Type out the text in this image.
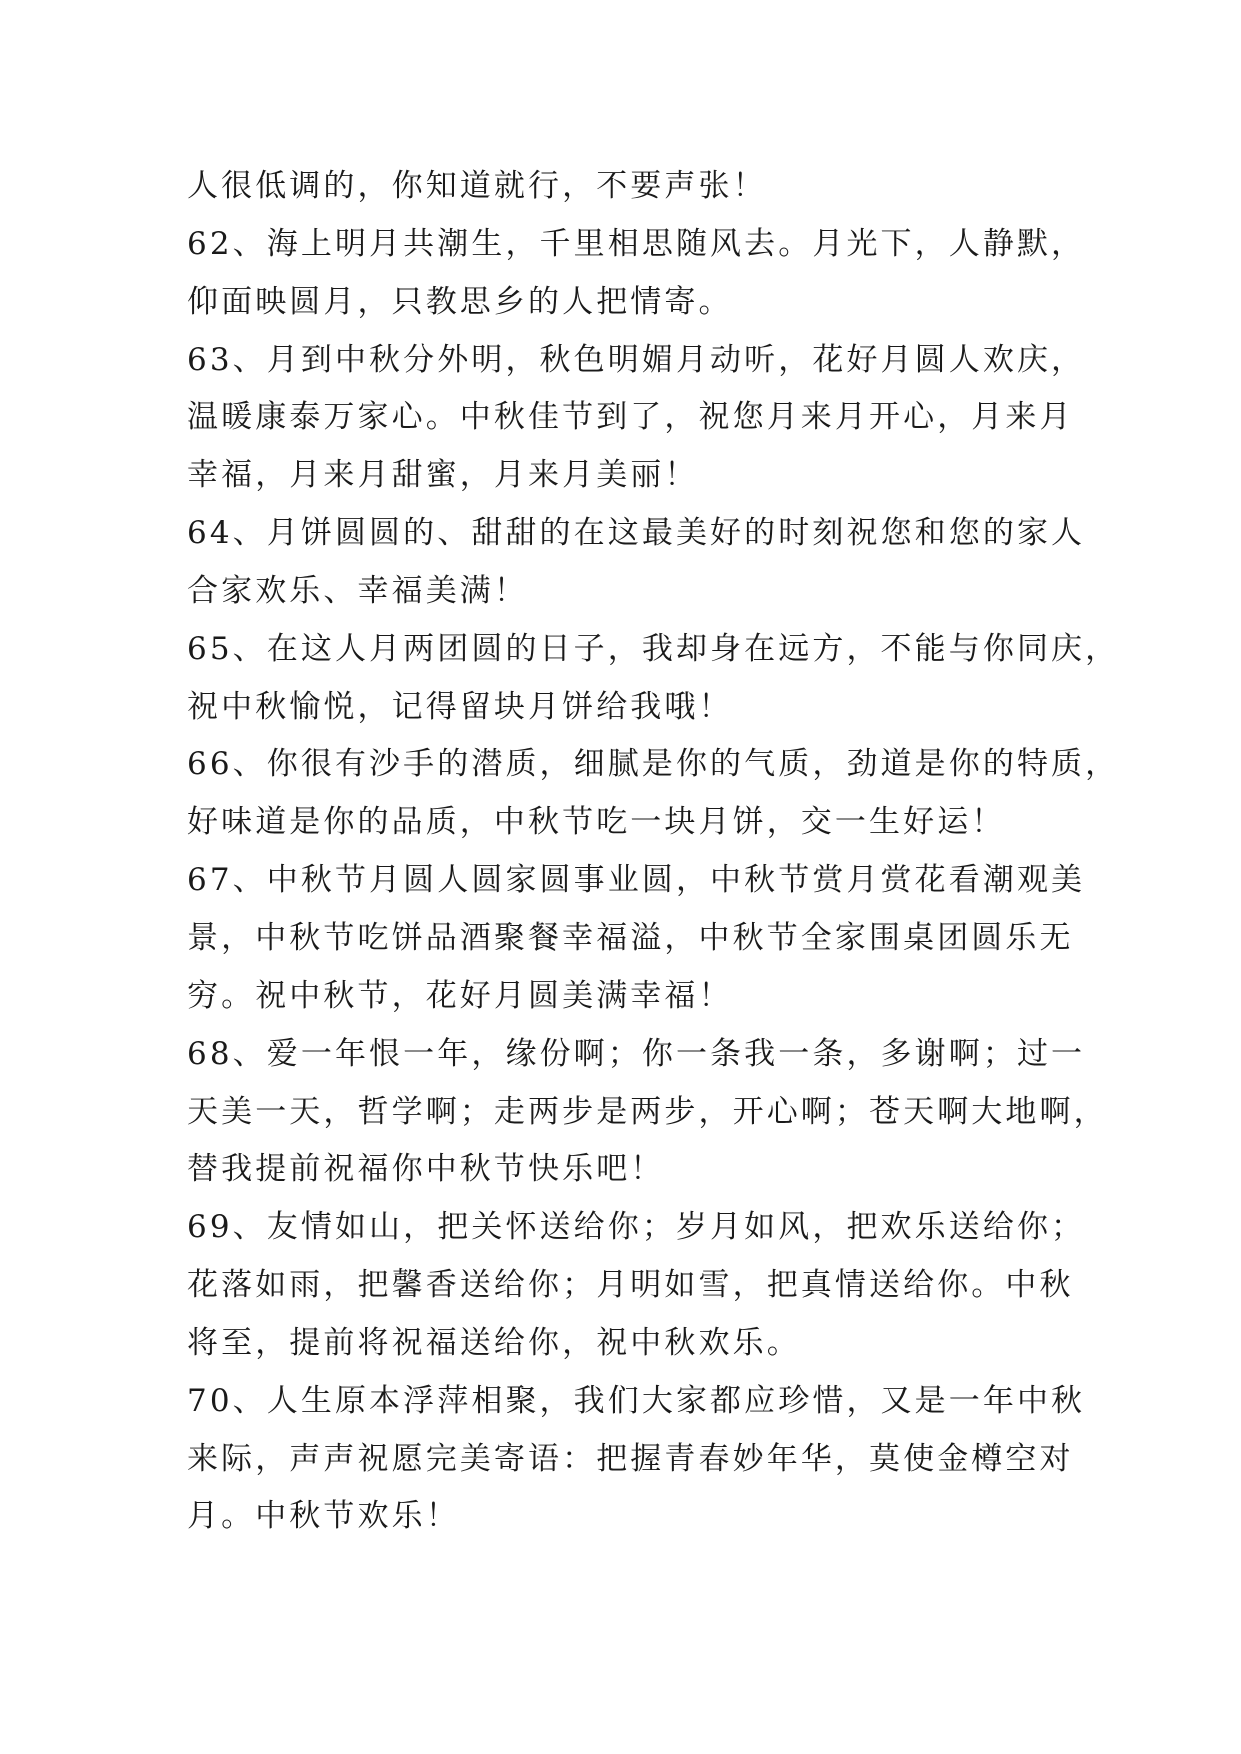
人很低调的，你知道就行，不要声张！
62、海上明月共潮生，千里相思随风去。月光下，人静默，
仰面映圆月，只教思乡的人把情寄。
63、月到中秋分外明，秋色明媚月动听，花好月圆人欢庆，
温暖康泰万家心。中秋佳节到了，祝您月来月开心，月来月
幸福，月来月甜蜜，月来月美丽！
64、月饼圆圆的、甜甜的在这最美好的时刻祝您和您的家人
合家欢乐、幸福美满！
65、在这人月两团圆的日子，我却身在远方，不能与你同庆，
祝中秋愉悦，记得留块月饼给我哦！
66、你很有沙手的潜质，细腻是你的气质，劲道是你的特质，
好味道是你的品质，中秋节吃一块月饼，交一生好运！
67、中秋节月圆人圆家圆事业圆，中秋节赏月赏花看潮观美
景，中秋节吃饼品酒聚餐幸福溢，中秋节全家围桌团圆乐无
穷。祝中秋节，花好月圆美满幸福！
68、爱一年恨一年，缘份啊；你一条我一条，多谢啊；过一
天美一天，哲学啊；走两步是两步，开心啊；苍天啊大地啊，
替我提前祝福你中秋节快乐吧！
69、友情如山，把关怀送给你；岁月如风，把欢乐送给你；
花落如雨，把馨香送给你；月明如雪，把真情送给你。中秋
将至，提前将祝福送给你，祝中秋欢乐。
70、人生原本浮萍相聚，我们大家都应珍惜，又是一年中秋
来际，声声祝愿完美寄语：把握青春妙年华，莫使金樽空对
月。中秋节欢乐！
